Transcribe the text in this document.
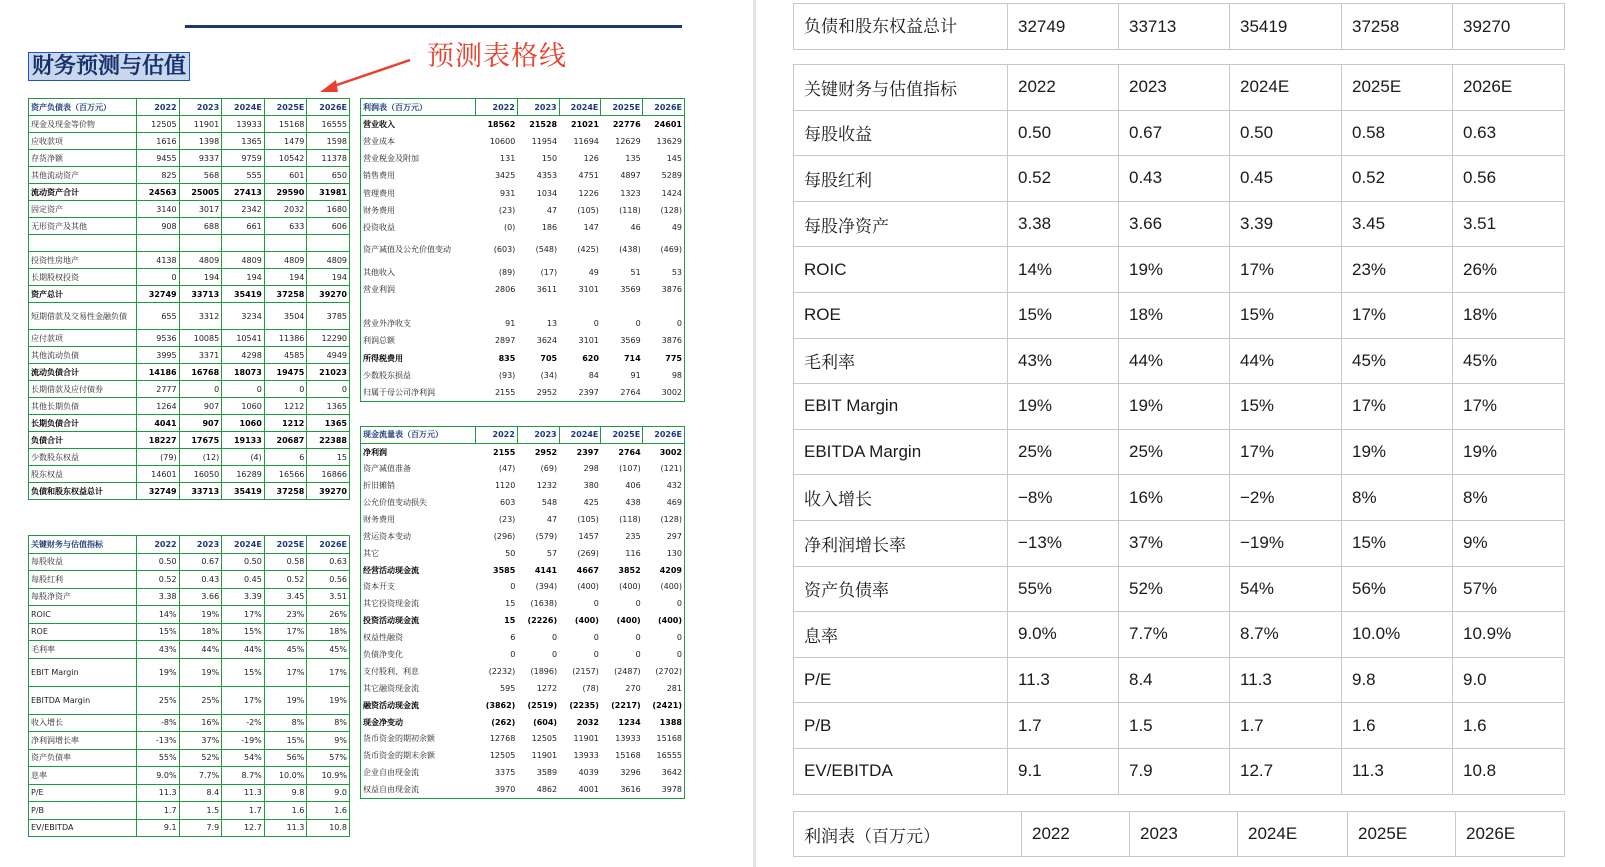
财务预测与估值	预测表格线
资产负债表（百万元）	2022	2023	2024E	2025E	2026E
现金及现金等价物	12505	11901	13933	15168	16555
应收款项	1616	1398	1365	1479	1598
存货净额	9455	9337	9759	10542	11378
其他流动资产	825	568	555	601	650
流动资产合计	24563	25005	27413	29590	31981
固定资产	3140	3017	2342	2032	1680
无形资产及其他	908	688	661	633	606

投资性房地产	4138	4809	4809	4809	4809
长期股权投资	0	194	194	194	194
资产总计	32749	33713	35419	37258	39270
短期借款及交易性金融负债	655	3312	3234	3504	3785
应付款项	9536	10085	10541	11386	12290
其他流动负债	3995	3371	4298	4585	4949
流动负债合计	14186	16768	18073	19475	21023
长期借款及应付债券	2777	0	0	0	0
其他长期负债	1264	907	1060	1212	1365
长期负债合计	4041	907	1060	1212	1365
负债合计	18227	17675	19133	20687	22388
少数股东权益	(79)	(12)	(4)	6	15
股东权益	14601	16050	16289	16566	16866
负债和股东权益总计	32749	33713	35419	37258	39270
关键财务与估值指标	2022	2023	2024E	2025E	2026E
每股收益	0.50	0.67	0.50	0.58	0.63
每股红利	0.52	0.43	0.45	0.52	0.56
每股净资产	3.38	3.66	3.39	3.45	3.51
ROIC	14%	19%	17%	23%	26%
ROE	15%	18%	15%	17%	18%
毛利率	43%	44%	44%	45%	45%
EBIT Margin	19%	19%	15%	17%	17%
EBITDA Margin	25%	25%	17%	19%	19%
收入增长	-8%	16%	-2%	8%	8%
净利润增长率	-13%	37%	-19%	15%	9%
资产负债率	55%	52%	54%	56%	57%
息率	9.0%	7.7%	8.7%	10.0%	10.9%
P/E	11.3	8.4	11.3	9.8	9.0
P/B	1.7	1.5	1.7	1.6	1.6
EV/EBITDA	9.1	7.9	12.7	11.3	10.8
利润表（百万元）	2022	2023	2024E	2025E	2026E
营业收入	18562	21528	21021	22776	24601
营业成本	10600	11954	11694	12629	13629
营业税金及附加	131	150	126	135	145
销售费用	3425	4353	4751	4897	5289
管理费用	931	1034	1226	1323	1424
财务费用	(23)	47	(105)	(118)	(128)
投资收益	(0)	186	147	46	49
资产减值及公允价值变动	(603)	(548)	(425)	(438)	(469)
其他收入	(89)	(17)	49	51	53
营业利润	2806	3611	3101	3569	3876

营业外净收支	91	13	0	0	0
利润总额	2897	3624	3101	3569	3876
所得税费用	835	705	620	714	775
少数股东损益	(93)	(34)	84	91	98
归属于母公司净利润	2155	2952	2397	2764	3002
现金流量表（百万元）	2022	2023	2024E	2025E	2026E
净利润	2155	2952	2397	2764	3002
资产减值准备	(47)	(69)	298	(107)	(121)
折旧摊销	1120	1232	380	406	432
公允价值变动损失	603	548	425	438	469
财务费用	(23)	47	(105)	(118)	(128)
营运资本变动	(296)	(579)	1457	235	297
其它	50	57	(269)	116	130
经营活动现金流	3585	4141	4667	3852	4209
资本开支	0	(394)	(400)	(400)	(400)
其它投资现金流	15	(1638)	0	0	0
投资活动现金流	15	(2226)	(400)	(400)	(400)
权益性融资	6	0	0	0	0
负债净变化	0	0	0	0	0
支付股利、利息	(2232)	(1896)	(2157)	(2487)	(2702)
其它融资现金流	595	1272	(78)	270	281
融资活动现金流	(3862)	(2519)	(2235)	(2217)	(2421)
现金净变动	(262)	(604)	2032	1234	1388
货币资金的期初余额	12768	12505	11901	13933	15168
货币资金的期末余额	12505	11901	13933	15168	16555
企业自由现金流	3375	3589	4039	3296	3642
权益自由现金流	3970	4862	4001	3616	3978
负债和股东权益总计	32749	33713	35419	37258	39270
关键财务与估值指标	2022	2023	2024E	2025E	2026E
每股收益	0.50	0.67	0.50	0.58	0.63
每股红利	0.52	0.43	0.45	0.52	0.56
每股净资产	3.38	3.66	3.39	3.45	3.51
ROIC	14%	19%	17%	23%	26%
ROE	15%	18%	15%	17%	18%
毛利率	43%	44%	44%	45%	45%
EBIT Margin	19%	19%	15%	17%	17%
EBITDA Margin	25%	25%	17%	19%	19%
收入增长	−8%	16%	−2%	8%	8%
净利润增长率	−13%	37%	−19%	15%	9%
资产负债率	55%	52%	54%	56%	57%
息率	9.0%	7.7%	8.7%	10.0%	10.9%
P/E	11.3	8.4	11.3	9.8	9.0
P/B	1.7	1.5	1.7	1.6	1.6
EV/EBITDA	9.1	7.9	12.7	11.3	10.8
利润表（百万元）	2022	2023	2024E	2025E	2026E
